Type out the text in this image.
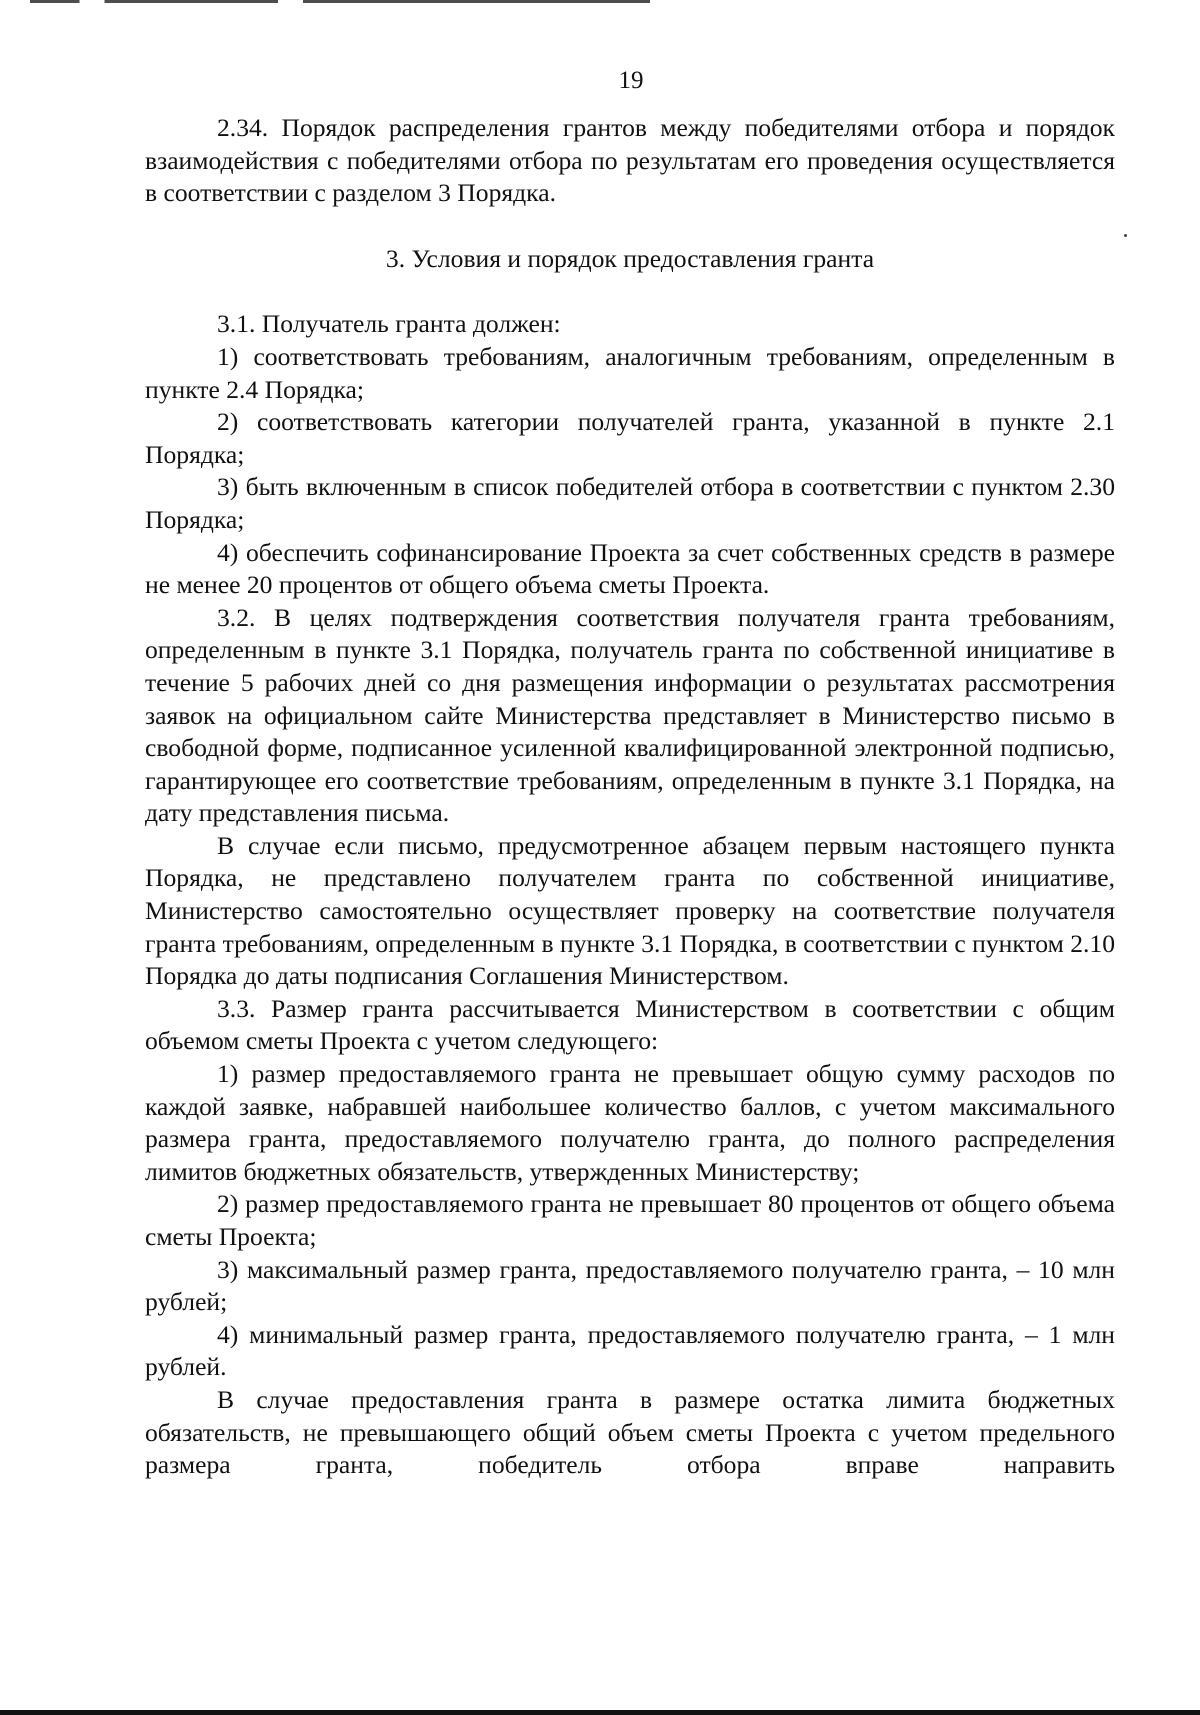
19

2.34. Порядок распределения грантов между победителями отбора и порядок взаимодействия с победителями отбора по результатам его проведения осуществляется в соответствии с разделом 3 Порядка.

3. Условия и порядок предоставления гранта

3.1. Получатель гранта должен:

1) соответствовать требованиям, аналогичным требованиям, определенным в пункте 2.4 Порядка;

2) соответствовать категории получателей гранта, указанной в пункте 2.1 Порядка;

3) быть включенным в список победителей отбора в соответствии с пунктом 2.30 Порядка;

4) обеспечить софинансирование Проекта за счет собственных средств в размере не менее 20 процентов от общего объема сметы Проекта.

3.2. В целях подтверждения соответствия получателя гранта требованиям, определенным в пункте 3.1 Порядка, получатель гранта по собственной инициативе в течение 5 рабочих дней со дня размещения информации о результатах рассмотрения заявок на официальном сайте Министерства представляет в Министерство письмо в свободной форме, подписанное усиленной квалифицированной электронной подписью, гарантирующее его соответствие требованиям, определенным в пункте 3.1 Порядка, на дату представления письма.

В случае если письмо, предусмотренное абзацем первым настоящего пункта Порядка, не представлено получателем гранта по собственной инициативе, Министерство самостоятельно осуществляет проверку на соответствие получателя гранта требованиям, определенным в пункте 3.1 Порядка, в соответствии с пунктом 2.10 Порядка до даты подписания Соглашения Министерством.

3.3. Размер гранта рассчитывается Министерством в соответствии с общим объемом сметы Проекта с учетом следующего:

1) размер предоставляемого гранта не превышает общую сумму расходов по каждой заявке, набравшей наибольшее количество баллов, с учетом максимального размера гранта, предоставляемого получателю гранта, до полного распределения лимитов бюджетных обязательств, утвержденных Министерству;

2) размер предоставляемого гранта не превышает 80 процентов от общего объема сметы Проекта;

3) максимальный размер гранта, предоставляемого получателю гранта, – 10 млн рублей;

4) минимальный размер гранта, предоставляемого получателю гранта, – 1 млн рублей.

В случае предоставления гранта в размере остатка лимита бюджетных обязательств, не превышающего общий объем сметы Проекта с учетом предельного размера гранта, победитель отбора вправе направить
